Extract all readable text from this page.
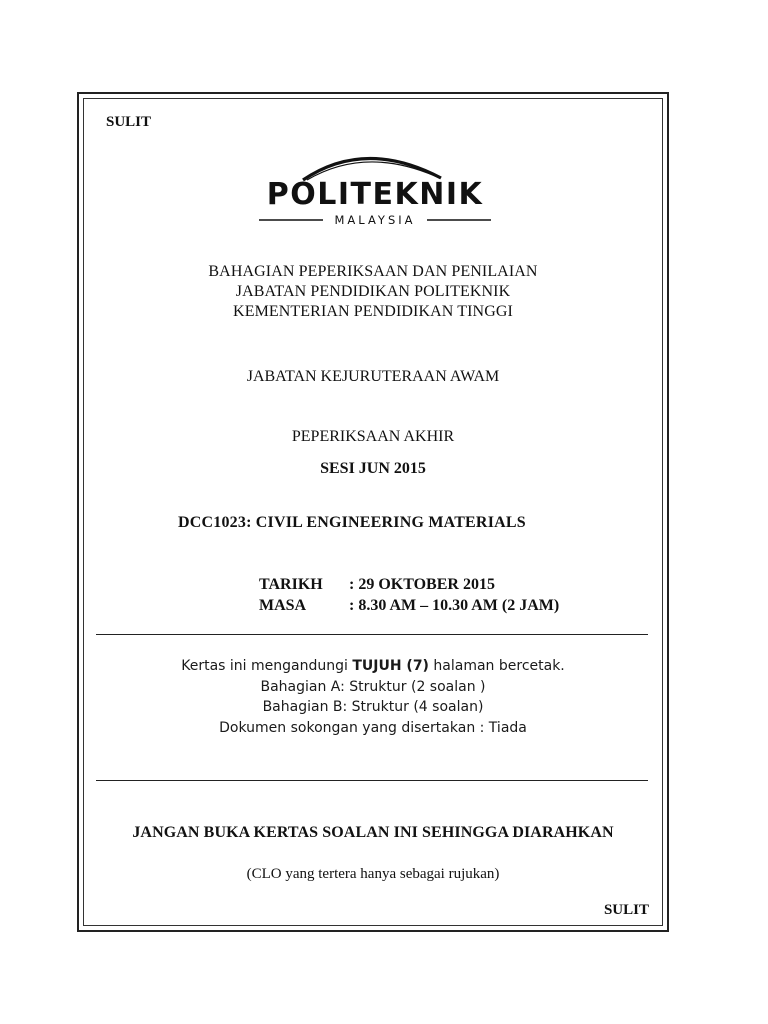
SULIT
POLITEKNIK
MALAYSIA
BAHAGIAN PEPERIKSAAN DAN PENILAIAN
JABATAN PENDIDIKAN POLITEKNIK
KEMENTERIAN PENDIDIKAN TINGGI
JABATAN KEJURUTERAAN AWAM
PEPERIKSAAN AKHIR
SESI JUN 2015
DCC1023: CIVIL ENGINEERING MATERIALS
TARIKH : 29 OKTOBER 2015
MASA	: 8.30 AM – 10.30 AM (2 JAM)
Kertas ini mengandungi TUJUH (7) halaman bercetak.
Bahagian A: Struktur (2 soalan )
Bahagian B: Struktur (4 soalan)
Dokumen sokongan yang disertakan : Tiada
JANGAN BUKA KERTAS SOALAN INI SEHINGGA DIARAHKAN
(CLO yang tertera hanya sebagai rujukan)
SULIT
